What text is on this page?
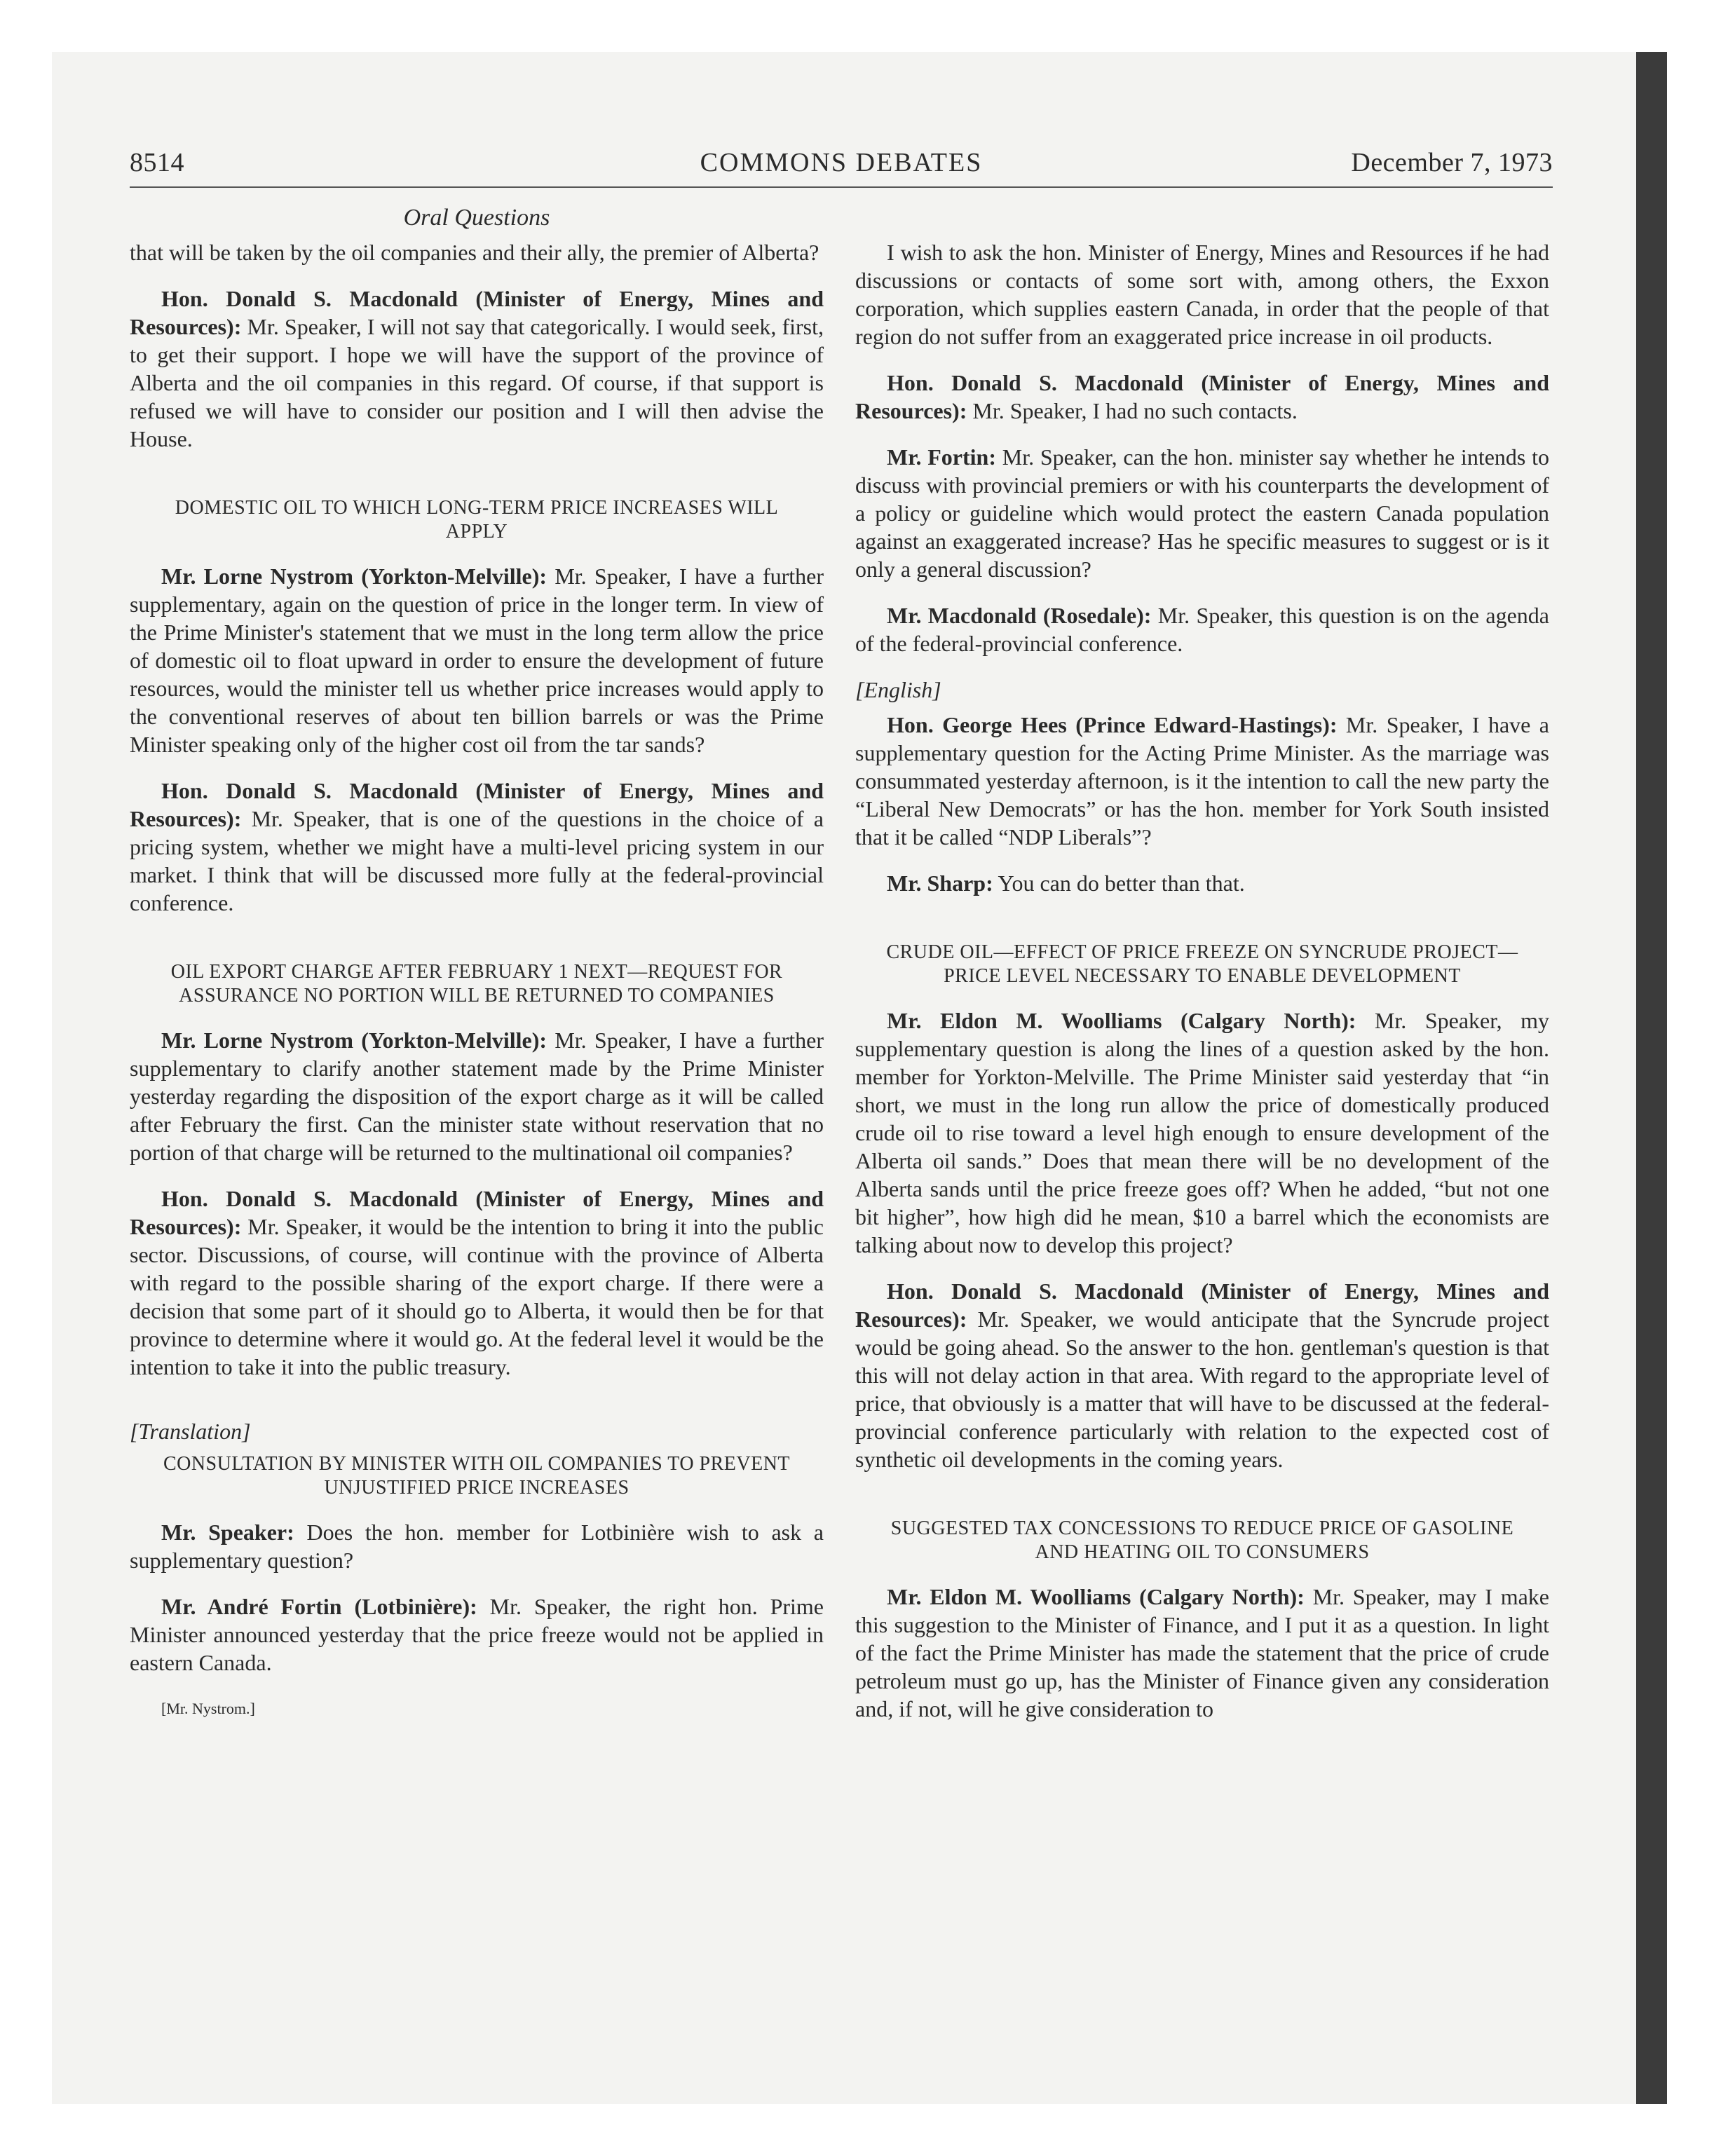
8514	COMMONS DEBATES	December 7, 1973
Oral Questions

that will be taken by the oil companies and their ally, the premier of Alberta?

Hon. Donald S. Macdonald (Minister of Energy, Mines and Resources): Mr. Speaker, I will not say that categorically. I would seek, first, to get their support. I hope we will have the support of the province of Alberta and the oil companies in this regard. Of course, if that support is refused we will have to consider our position and I will then advise the House.

DOMESTIC OIL TO WHICH LONG-TERM PRICE INCREASES WILL APPLY

Mr. Lorne Nystrom (Yorkton-Melville): Mr. Speaker, I have a further supplementary, again on the question of price in the longer term. In view of the Prime Minister's statement that we must in the long term allow the price of domestic oil to float upward in order to ensure the development of future resources, would the minister tell us whether price increases would apply to the conventional reserves of about ten billion barrels or was the Prime Minister speaking only of the higher cost oil from the tar sands?

Hon. Donald S. Macdonald (Minister of Energy, Mines and Resources): Mr. Speaker, that is one of the questions in the choice of a pricing system, whether we might have a multi-level pricing system in our market. I think that will be discussed more fully at the federal-provincial conference.

OIL EXPORT CHARGE AFTER FEBRUARY 1 NEXT—REQUEST FOR ASSURANCE NO PORTION WILL BE RETURNED TO COMPANIES

Mr. Lorne Nystrom (Yorkton-Melville): Mr. Speaker, I have a further supplementary to clarify another statement made by the Prime Minister yesterday regarding the disposition of the export charge as it will be called after February the first. Can the minister state without reservation that no portion of that charge will be returned to the multinational oil companies?

Hon. Donald S. Macdonald (Minister of Energy, Mines and Resources): Mr. Speaker, it would be the intention to bring it into the public sector. Discussions, of course, will continue with the province of Alberta with regard to the possible sharing of the export charge. If there were a decision that some part of it should go to Alberta, it would then be for that province to determine where it would go. At the federal level it would be the intention to take it into the public treasury.

[Translation]
CONSULTATION BY MINISTER WITH OIL COMPANIES TO PREVENT UNJUSTIFIED PRICE INCREASES

Mr. Speaker: Does the hon. member for Lotbinière wish to ask a supplementary question?

Mr. André Fortin (Lotbinière): Mr. Speaker, the right hon. Prime Minister announced yesterday that the price freeze would not be applied in eastern Canada.

[Mr. Nystrom.]

I wish to ask the hon. Minister of Energy, Mines and Resources if he had discussions or contacts of some sort with, among others, the Exxon corporation, which supplies eastern Canada, in order that the people of that region do not suffer from an exaggerated price increase in oil products.

Hon. Donald S. Macdonald (Minister of Energy, Mines and Resources): Mr. Speaker, I had no such contacts.

Mr. Fortin: Mr. Speaker, can the hon. minister say whether he intends to discuss with provincial premiers or with his counterparts the development of a policy or guideline which would protect the eastern Canada population against an exaggerated increase? Has he specific measures to suggest or is it only a general discussion?

Mr. Macdonald (Rosedale): Mr. Speaker, this question is on the agenda of the federal-provincial conference.

[English]

Hon. George Hees (Prince Edward-Hastings): Mr. Speaker, I have a supplementary question for the Acting Prime Minister. As the marriage was consummated yesterday afternoon, is it the intention to call the new party the “Liberal New Democrats” or has the hon. member for York South insisted that it be called “NDP Liberals”?

Mr. Sharp: You can do better than that.

CRUDE OIL—EFFECT OF PRICE FREEZE ON SYNCRUDE PROJECT—PRICE LEVEL NECESSARY TO ENABLE DEVELOPMENT

Mr. Eldon M. Woolliams (Calgary North): Mr. Speaker, my supplementary question is along the lines of a question asked by the hon. member for Yorkton-Melville. The Prime Minister said yesterday that “in short, we must in the long run allow the price of domestically produced crude oil to rise toward a level high enough to ensure development of the Alberta oil sands.” Does that mean there will be no development of the Alberta sands until the price freeze goes off? When he added, “but not one bit higher”, how high did he mean, $10 a barrel which the economists are talking about now to develop this project?

Hon. Donald S. Macdonald (Minister of Energy, Mines and Resources): Mr. Speaker, we would anticipate that the Syncrude project would be going ahead. So the answer to the hon. gentleman's question is that this will not delay action in that area. With regard to the appropriate level of price, that obviously is a matter that will have to be discussed at the federal-provincial conference particularly with relation to the expected cost of synthetic oil developments in the coming years.

SUGGESTED TAX CONCESSIONS TO REDUCE PRICE OF GASOLINE AND HEATING OIL TO CONSUMERS

Mr. Eldon M. Woolliams (Calgary North): Mr. Speaker, may I make this suggestion to the Minister of Finance, and I put it as a question. In light of the fact the Prime Minister has made the statement that the price of crude petroleum must go up, has the Minister of Finance given any consideration and, if not, will he give consideration to
